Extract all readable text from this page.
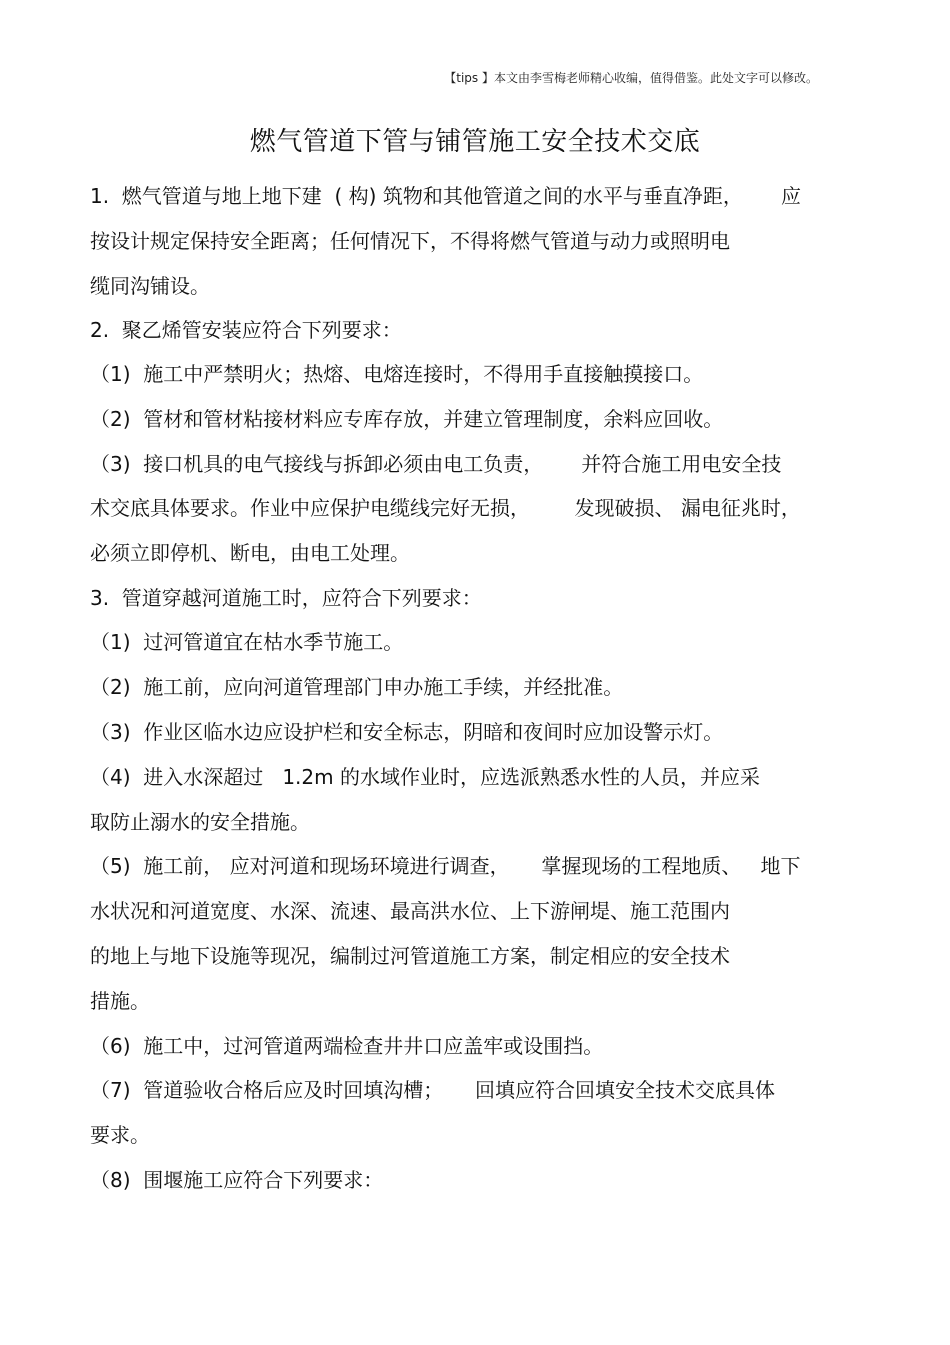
【tips 】本文由李雪梅老师精心收编，值得借鉴。此处文字可以修改。
燃气管道下管与铺管施工安全技术交底
1.  燃气管道与地上地下建  ( 构) 筑物和其他管道之间的水平与垂直净距，      应
按设计规定保持安全距离；任何情况下，不得将燃气管道与动力或照明电
缆同沟铺设。
2.  聚乙烯管安装应符合下列要求：
（1)  施工中严禁明火；热熔、电熔连接时，不得用手直接触摸接口。
（2)  管材和管材粘接材料应专库存放，并建立管理制度，余料应回收。
（3)  接口机具的电气接线与拆卸必须由电工负责，      并符合施工用电安全技
术交底具体要求。作业中应保护电缆线完好无损，       发现破损、 漏电征兆时，
必须立即停机、断电，由电工处理。
3.  管道穿越河道施工时，应符合下列要求：
（1)  过河管道宜在枯水季节施工。
（2)  施工前，应向河道管理部门申办施工手续，并经批准。
（3)  作业区临水边应设护栏和安全标志，阴暗和夜间时应加设警示灯。
（4)  进入水深超过   1.2m 的水域作业时，应选派熟悉水性的人员，并应采
取防止溺水的安全措施。
（5)  施工前， 应对河道和现场环境进行调查，     掌握现场的工程地质、   地下
水状况和河道宽度、水深、流速、最高洪水位、上下游闸堤、施工范围内
的地上与地下设施等现况，编制过河管道施工方案，制定相应的安全技术
措施。
（6)  施工中，过河管道两端检查井井口应盖牢或设围挡。
（7)  管道验收合格后应及时回填沟槽；     回填应符合回填安全技术交底具体
要求。
（8)  围堰施工应符合下列要求：
